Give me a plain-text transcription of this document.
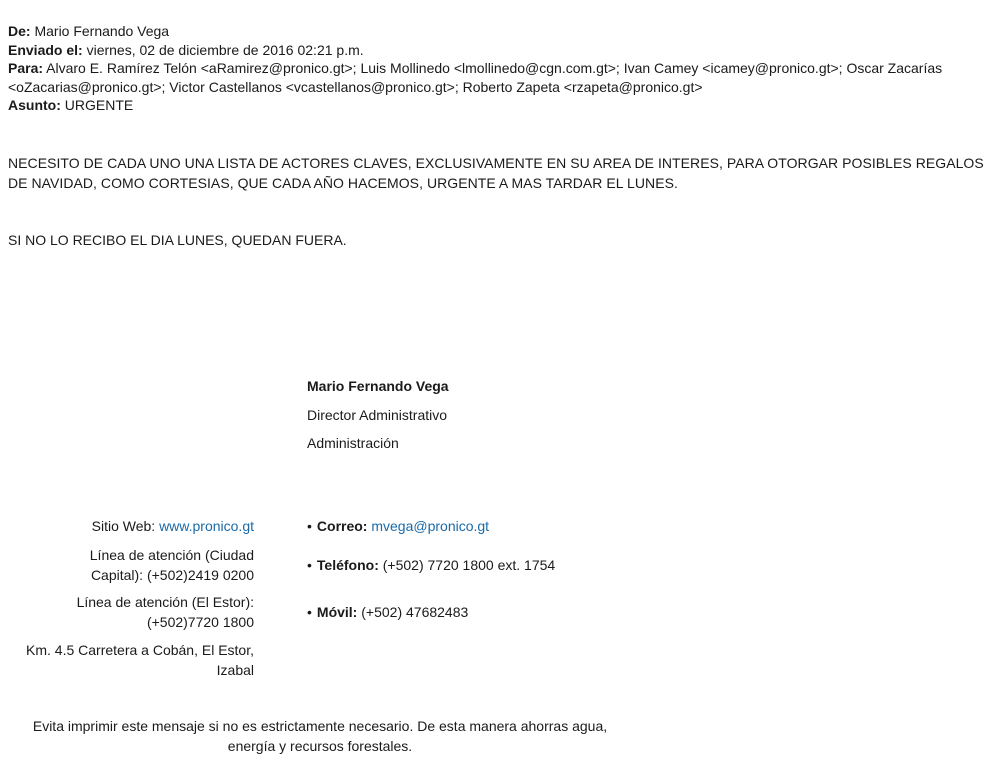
De: Mario Fernando Vega
Enviado el: viernes, 02 de diciembre de 2016 02:21 p.m.
Para: Alvaro E. Ramírez Telón <aRamirez@pronico.gt>; Luis Mollinedo <lmollinedo@cgn.com.gt>; Ivan Camey <icamey@pronico.gt>; Oscar Zacarías <oZacarias@pronico.gt>; Victor Castellanos <vcastellanos@pronico.gt>; Roberto Zapeta <rzapeta@pronico.gt>
Asunto: URGENTE
NECESITO DE CADA UNO UNA LISTA DE ACTORES CLAVES, EXCLUSIVAMENTE EN SU AREA DE INTERES, PARA OTORGAR POSIBLES REGALOS DE NAVIDAD, COMO CORTESIAS, QUE CADA AÑO HACEMOS, URGENTE A MAS TARDAR EL LUNES.
SI NO LO RECIBO EL DIA LUNES, QUEDAN FUERA.
Mario Fernando Vega
Director Administrativo
Administración
Sitio Web: www.pronico.gt
Línea de atención (Ciudad Capital): (+502)2419 0200
Línea de atención (El Estor): (+502)7720 1800
Km. 4.5 Carretera a Cobán, El Estor, Izabal
• Correo: mvega@pronico.gt
• Teléfono: (+502) 7720 1800 ext. 1754
• Móvil: (+502) 47682483
Evita imprimir este mensaje si no es estrictamente necesario. De esta manera ahorras agua, energía y recursos forestales.
